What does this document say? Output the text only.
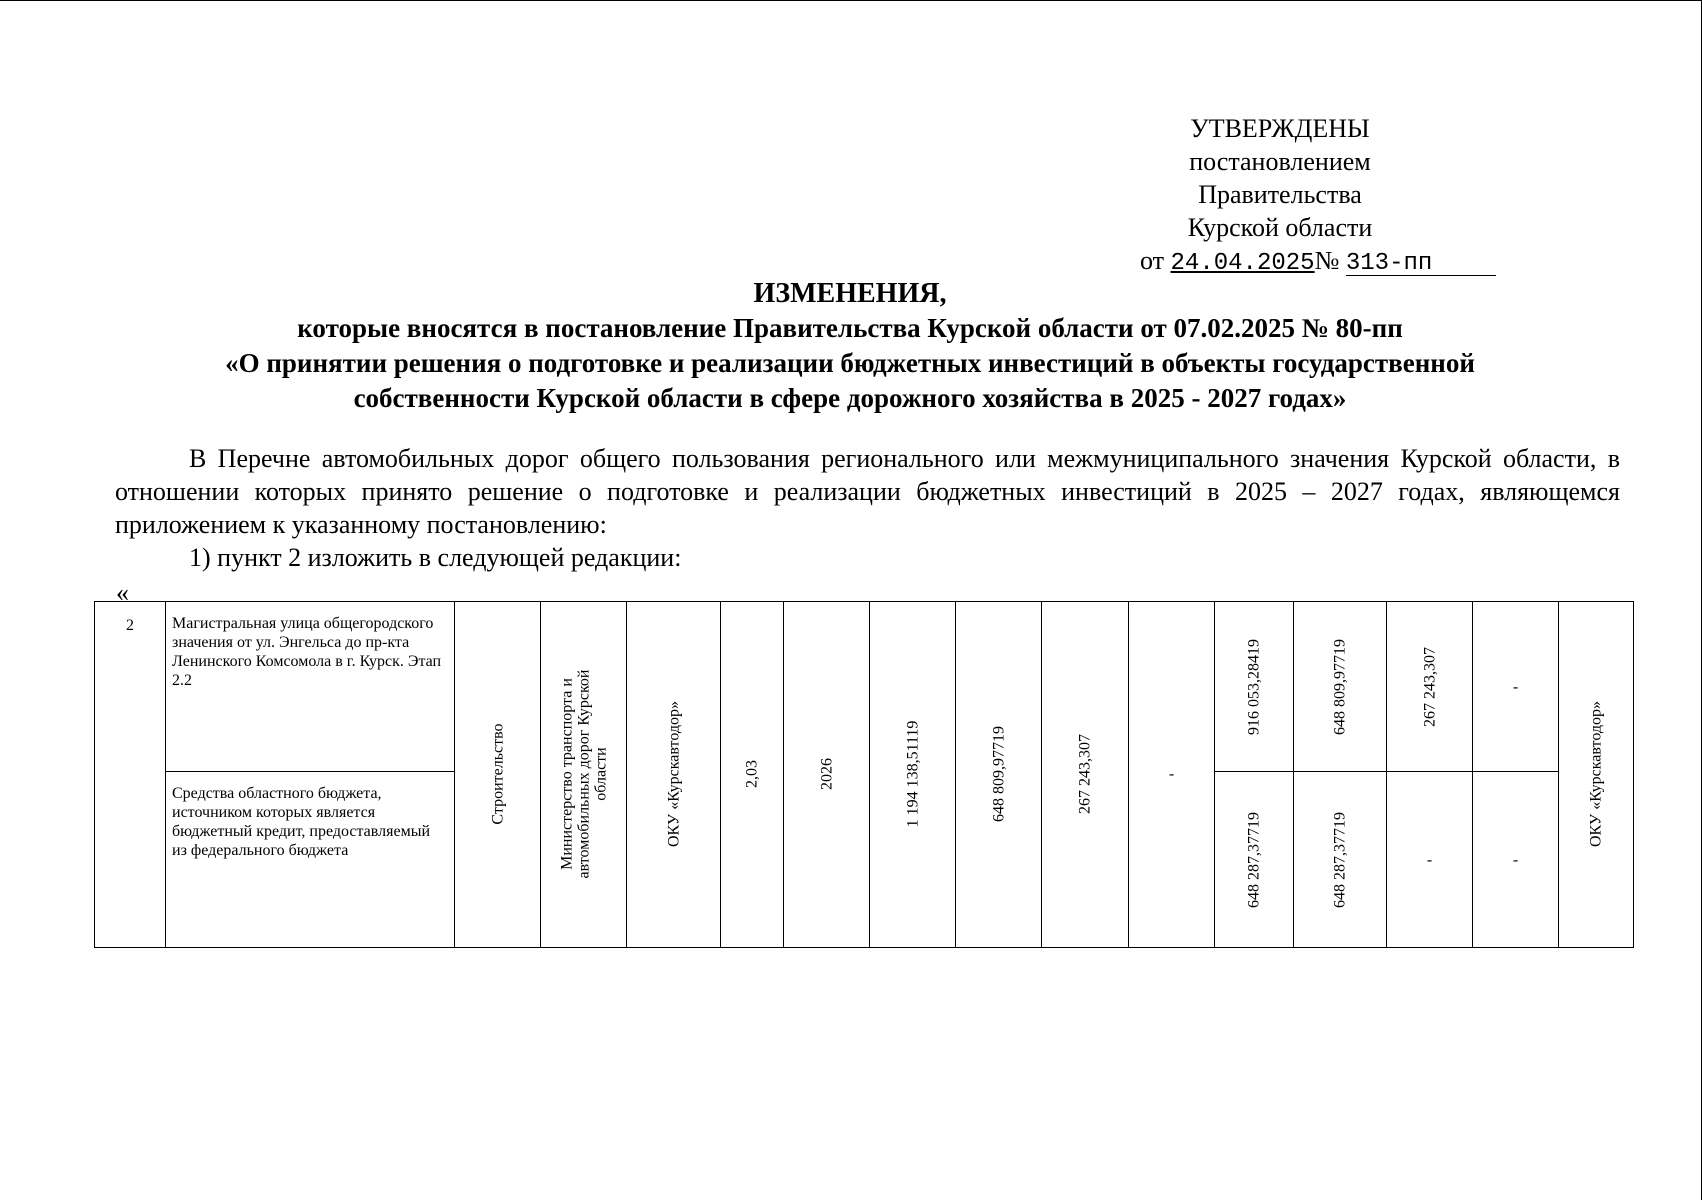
УТВЕРЖДЕНЫ
постановлением Правительства
Курской области
от 24.04.2025№ 313-пп
ИЗМЕНЕНИЯ,
которые вносятся в постановление Правительства Курской области от 07.02.2025 № 80-пп
«О принятии решения о подготовке и реализации бюджетных инвестиций в объекты государственной
собственности Курской области в сфере дорожного хозяйства в 2025 - 2027 годах»

В Перечне автомобильных дорог общего пользования регионального или межмуниципального значения Курской области, в отношении которых принято решение о подготовке и реализации бюджетных инвестиций в 2025 – 2027 годах, являющемся приложением к указанному постановлению:

1) пункт 2 изложить в следующей редакции:

«
2	Магистральная улица общегородского значения от ул. Энгельса до пр-кта Ленинского Комсомола в г. Курск. Этап 2.2	Строительство	Министерство транспорта и автомобильных дорог Курской области	ОКУ «Курскавтодор»	2,03	2026	1 194 138,51119	648 809,97719	267 243,307	-	916 053,28419	648 809,97719	267 243,307	-	ОКУ «Курскавтодор»

	Средства областного бюджета, источником которых является бюджетный кредит, предоставляемый из федерального бюджета										648 287,37719	648 287,37719	-	-	
